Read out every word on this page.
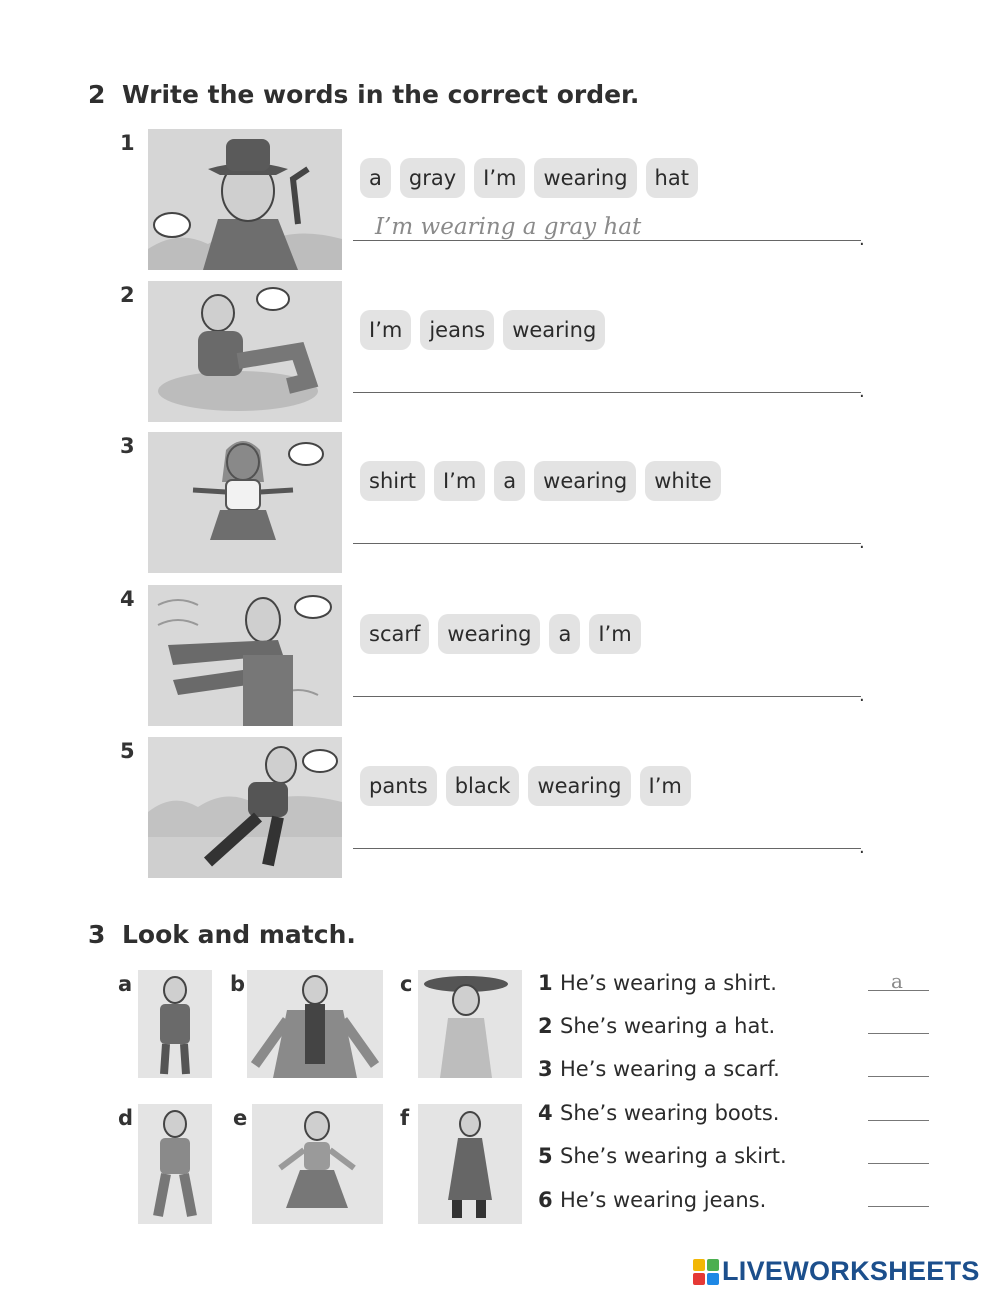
2 Write the words in the correct order.
1
a	gray	I’m	wearing	hat
I’m wearing a gray hat	.
2
I’m	jeans	wearing
.
3
shirt	I’m	a	wearing	white
.
4
scarf	wearing	a	I’m
.
5
pants	black	wearing	I’m
.
3 Look and match.
a	b	c
d	e	f
1 He’s wearing a shirt.	a
2 She’s wearing a hat.
3 He’s wearing a scarf.
4 She’s wearing boots.
5 She’s wearing a skirt.
6 He’s wearing jeans.
LIVEWORKSHEETS
